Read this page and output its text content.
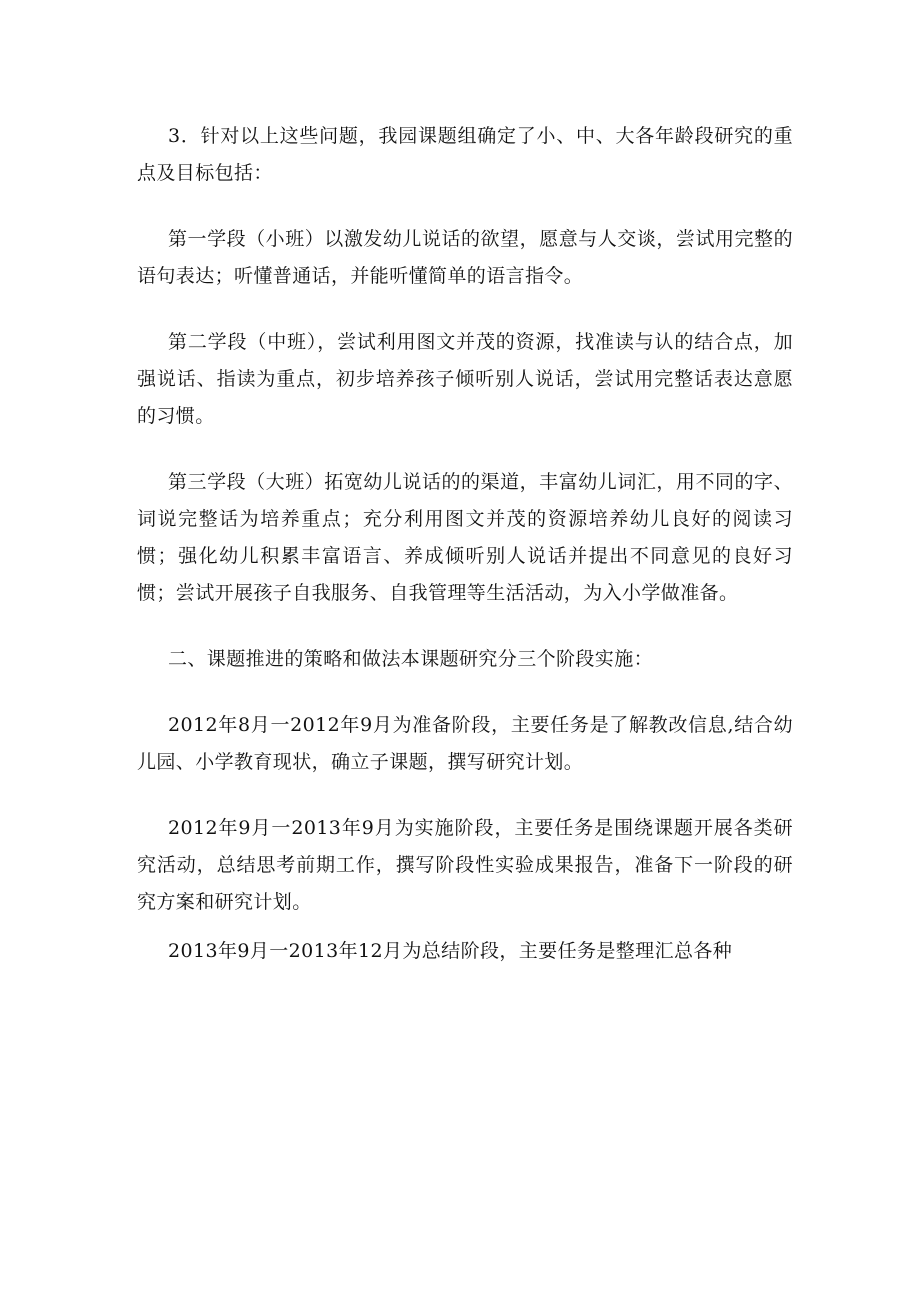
3．针对以上这些问题，我园课题组确定了小、中、大各年龄段研究的重点及目标包括：

第一学段（小班）以激发幼儿说话的欲望，愿意与人交谈，尝试用完整的语句表达；听懂普通话，并能听懂简单的语言指令。

第二学段（中班），尝试利用图文并茂的资源，找准读与认的结合点，加强说话、指读为重点，初步培养孩子倾听别人说话，尝试用完整话表达意愿的习惯。

第三学段（大班）拓宽幼儿说话的的渠道，丰富幼儿词汇，用不同的字、词说完整话为培养重点；充分利用图文并茂的资源培养幼儿良好的阅读习惯；强化幼儿积累丰富语言、养成倾听别人说话并提出不同意见的良好习惯；尝试开展孩子自我服务、自我管理等生活活动，为入小学做准备。

二、课题推进的策略和做法本课题研究分三个阶段实施：

2012年8月一2012年9月为准备阶段，主要任务是了解教改信息,结合幼儿园、小学教育现状，确立子课题，撰写研究计划。

2012年9月一2013年9月为实施阶段，主要任务是围绕课题开展各类研究活动，总结思考前期工作，撰写阶段性实验成果报告，准备下一阶段的研究方案和研究计划。

2013年9月一2013年12月为总结阶段，主要任务是整理汇总各种
